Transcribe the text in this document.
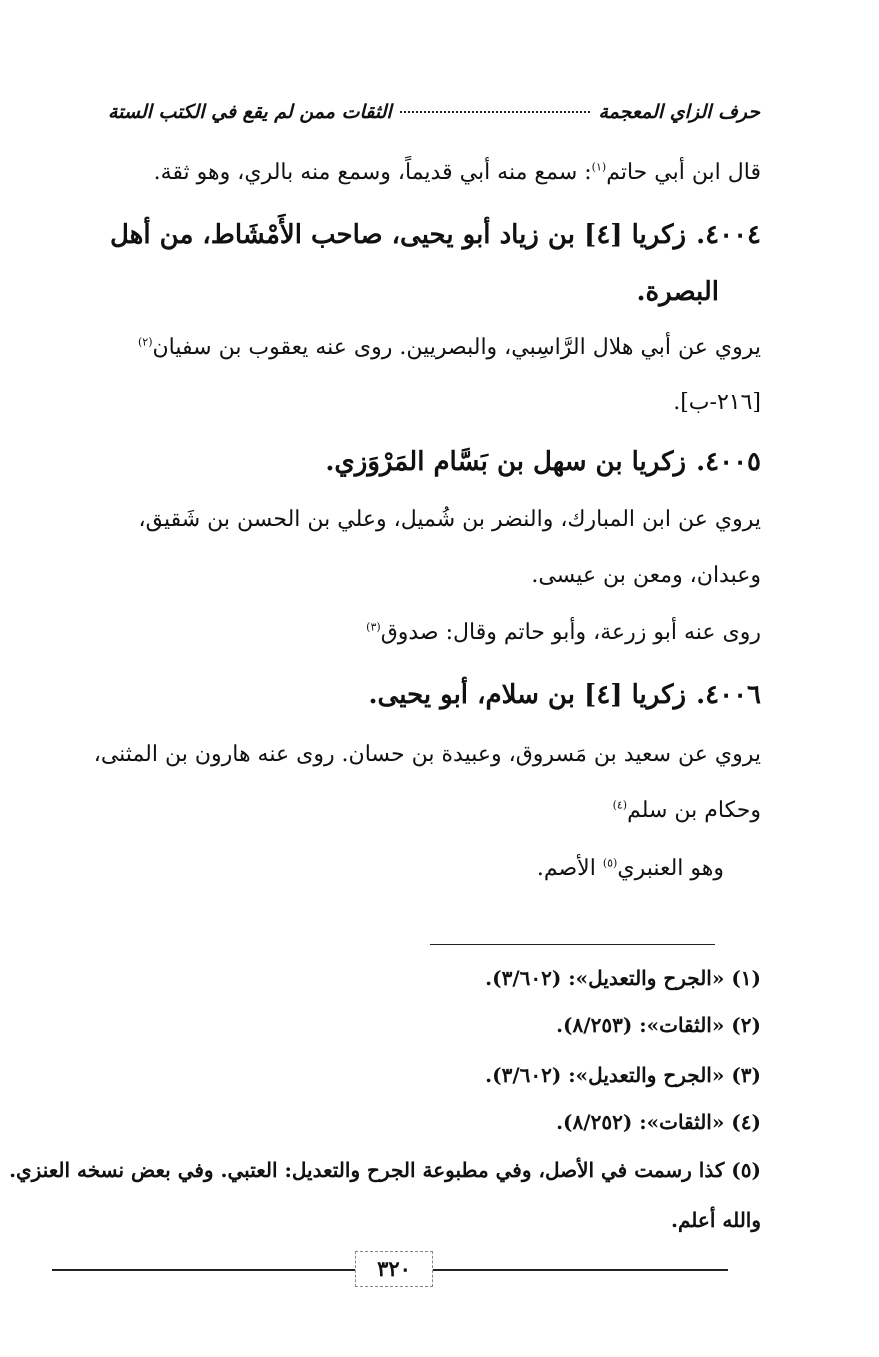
حرف الزاي المعجمة
الثقات ممن لم يقع في الكتب الستة
قال ابن أبي حاتم$^{(١)}$: سمع منه أبي قديماً، وسمع منه بالري، وهو ثقة.
٤٠٠٤.زكريا [٤] بن زياد أبو يحيى، صاحب الأَمْشَاط، من أهل
البصرة.
يروي عن أبي هلال الرَّاسِبي، والبصريين. روى عنه يعقوب بن سفيان$^{(٢)}$
[٢١٦-ب].
٤٠٠٥.زكريا بن سهل بن بَسَّام المَرْوَزي.
يروي عن ابن المبارك، والنضر بن شُميل، وعلي بن الحسن بن شَقيق،
وعبدان، ومعن بن عيسى.
روى عنه أبو زرعة، وأبو حاتم وقال: صدوق$^{(٣)}$
٤٠٠٦.زكريا [٤] بن سلام، أبو يحيى.
يروي عن سعيد بن مَسروق، وعبيدة بن حسان. روى عنه هارون بن المثنى،
وحكام بن سلم$^{(٤)}$
وهو العنبري$^{(٥)}$ الأصم.
(١) «الجرح والتعديل»: (٣/٦٠٢).
(٢) «الثقات»: (٨/٢٥٣).
(٣) «الجرح والتعديل»: (٣/٦٠٢).
(٤) «الثقات»: (٨/٢٥٢).
(٥) كذا رسمت في الأصل، وفي مطبوعة الجرح والتعديل: العتبي. وفي بعض نسخه العنزي.
والله أعلم.
٣٢٠
